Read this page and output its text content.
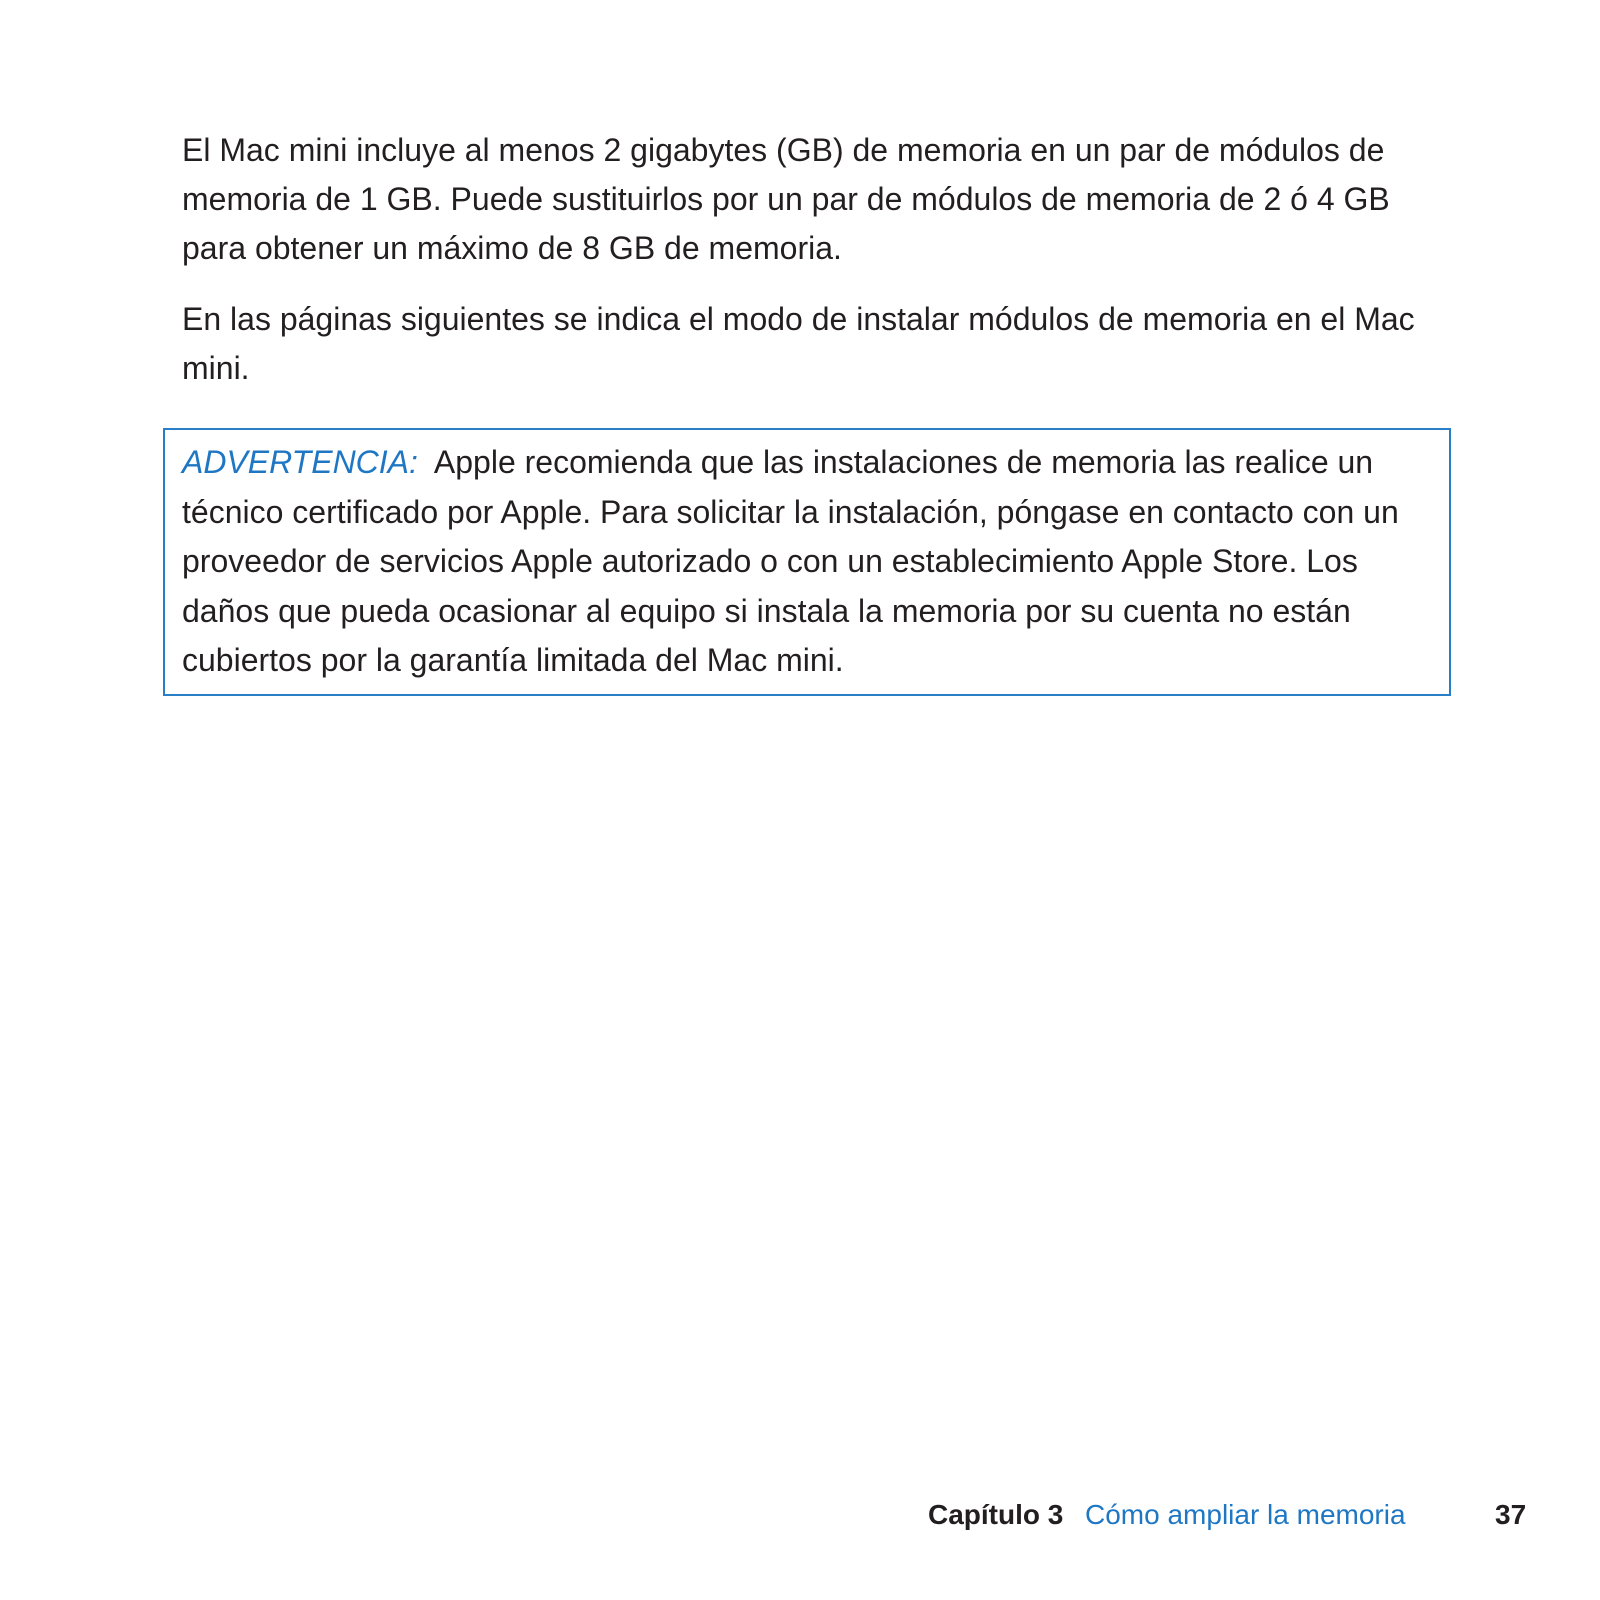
El Mac mini incluye al menos 2 gigabytes (GB) de memoria en un par de módulos de memoria de 1 GB. Puede sustituirlos por un par de módulos de memoria de 2 ó 4 GB para obtener un máximo de 8 GB de memoria.

En las páginas siguientes se indica el modo de instalar módulos de memoria en el Mac mini.

ADVERTENCIA: Apple recomienda que las instalaciones de memoria las realice un técnico certificado por Apple. Para solicitar la instalación, póngase en contacto con un proveedor de servicios Apple autorizado o con un establecimiento Apple Store. Los daños que pueda ocasionar al equipo si instala la memoria por su cuenta no están cubiertos por la garantía limitada del Mac mini.

Capítulo 3 Cómo ampliar la memoria	37
